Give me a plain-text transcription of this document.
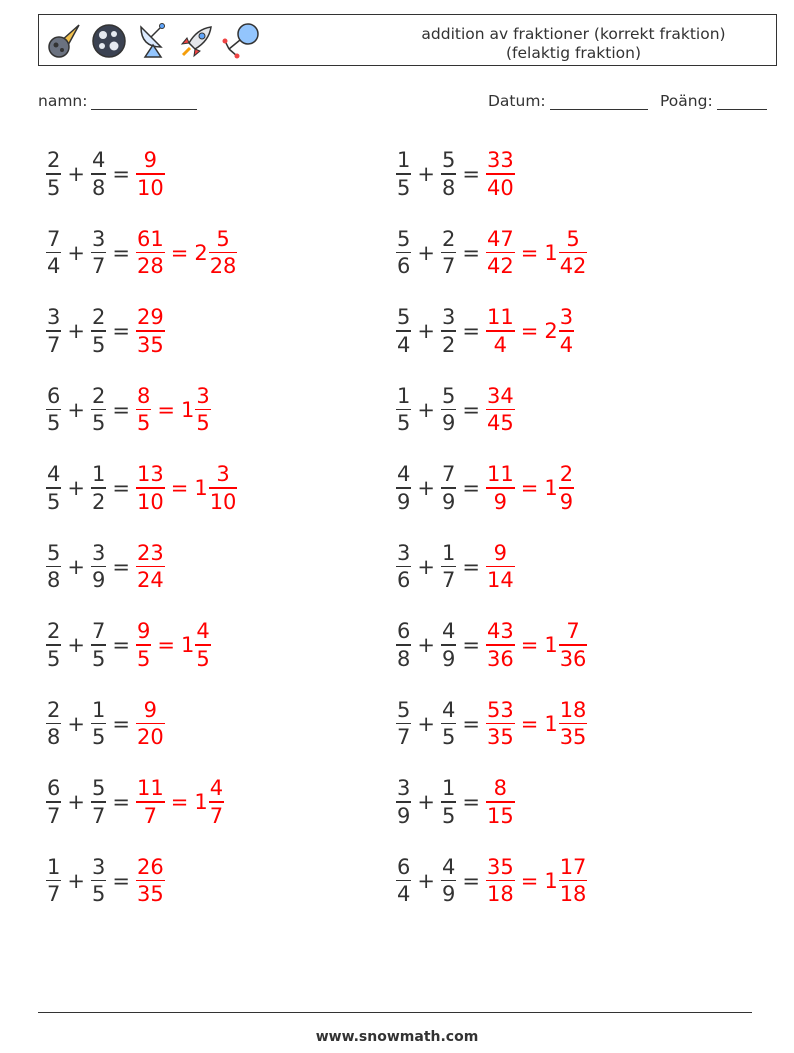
addition av fraktioner (korrekt fraktion)
(felaktig fraktion)
namn:	Datum:	Poäng:
$\frac{2}{5} + \frac{4}{8} = \frac{9}{10}$	$\frac{1}{5} + \frac{5}{8} = \frac{33}{40}$
$\frac{7}{4} + \frac{3}{7} = \frac{61}{28} = 2 \frac{5}{28}$	$\frac{5}{6} + \frac{2}{7} = \frac{47}{42} = 1 \frac{5}{42}$
$\frac{3}{7} + \frac{2}{5} = \frac{29}{35}$	$\frac{5}{4} + \frac{3}{2} = \frac{11}{4} = 2 \frac{3}{4}$
$\frac{6}{5} + \frac{2}{5} = \frac{8}{5} = 1 \frac{3}{5}$	$\frac{1}{5} + \frac{5}{9} = \frac{34}{45}$
$\frac{4}{5} + \frac{1}{2} = \frac{13}{10} = 1 \frac{3}{10}$	$\frac{4}{9} + \frac{7}{9} = \frac{11}{9} = 1 \frac{2}{9}$
$\frac{5}{8} + \frac{3}{9} = \frac{23}{24}$	$\frac{3}{6} + \frac{1}{7} = \frac{9}{14}$
$\frac{2}{5} + \frac{7}{5} = \frac{9}{5} = 1 \frac{4}{5}$	$\frac{6}{8} + \frac{4}{9} = \frac{43}{36} = 1 \frac{7}{36}$
$\frac{2}{8} + \frac{1}{5} = \frac{9}{20}$	$\frac{5}{7} + \frac{4}{5} = \frac{53}{35} = 1 \frac{18}{35}$
$\frac{6}{7} + \frac{5}{7} = \frac{11}{7} = 1 \frac{4}{7}$	$\frac{3}{9} + \frac{1}{5} = \frac{8}{15}$
$\frac{1}{7} + \frac{3}{5} = \frac{26}{35}$	$\frac{6}{4} + \frac{4}{9} = \frac{35}{18} = 1 \frac{17}{18}$
www.snowmath.com
